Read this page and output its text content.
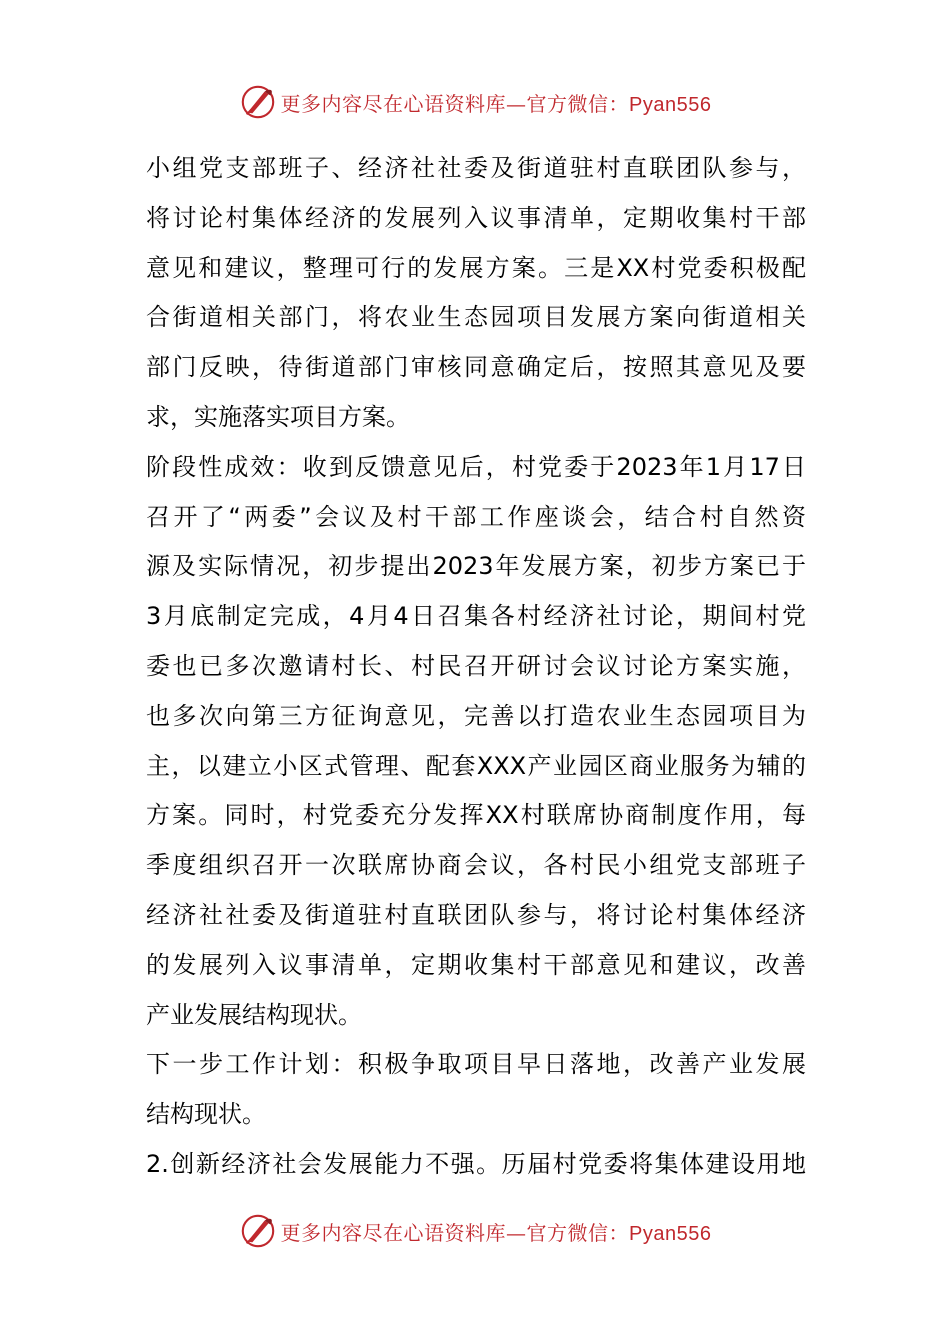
更多内容尽在心语资料库—官方微信：Pyan556
小组党支部班子、经济社社委及街道驻村直联团队参与，
将讨论村集体经济的发展列入议事清单，定期收集村干部
意见和建议，整理可行的发展方案。三是XX村党委积极配
合街道相关部门，将农业生态园项目发展方案向街道相关
部门反映，待街道部门审核同意确定后，按照其意见及要
求，实施落实项目方案。
阶段性成效：收到反馈意见后，村党委于2023年1月17日
召开了“两委”会议及村干部工作座谈会，结合村自然资
源及实际情况，初步提出2023年发展方案，初步方案已于
3月底制定完成，4月4日召集各村经济社讨论，期间村党
委也已多次邀请村长、村民召开研讨会议讨论方案实施，
也多次向第三方征询意见，完善以打造农业生态园项目为
主，以建立小区式管理、配套XXX产业园区商业服务为辅的
方案。同时，村党委充分发挥XX村联席协商制度作用，每
季度组织召开一次联席协商会议，各村民小组党支部班子
经济社社委及街道驻村直联团队参与，将讨论村集体经济
的发展列入议事清单，定期收集村干部意见和建议，改善
产业发展结构现状。
下一步工作计划：积极争取项目早日落地，改善产业发展
结构现状。
2.创新经济社会发展能力不强。历届村党委将集体建设用地
更多内容尽在心语资料库—官方微信：Pyan556
